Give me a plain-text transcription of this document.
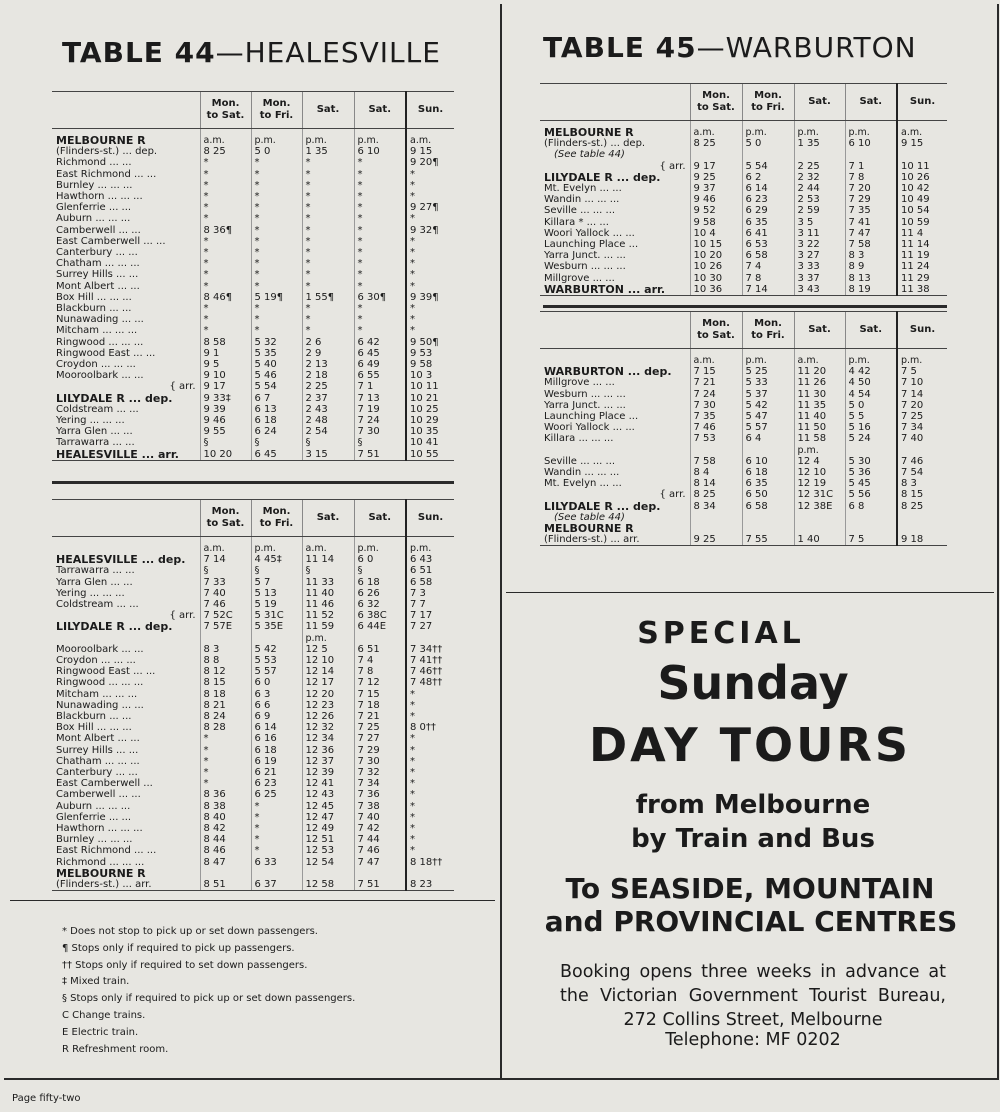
TABLE 44—HEALESVILLE	TABLE 45—WARBURTON
	Mon.
to Sat.	Mon.
to Fri.	Sat.	Sat.	Sun.

MELBOURNE R	a.m.	p.m.	p.m.	p.m.	a.m.
(Flinders-st.) ... dep.	8 25	5 0	1 35	6 10	9 15
Richmond ... ...	*	*	*	*	9 20¶
East Richmond ... ...	*	*	*	*	*
Burnley ... ... ...	*	*	*	*	*
Hawthorn ... ... ...	*	*	*	*	*
Glenferrie ... ...	*	*	*	*	9 27¶
Auburn ... ... ...	*	*	*	*	*
Camberwell ... ...	8 36¶	*	*	*	9 32¶
East Camberwell ... ...	*	*	*	*	*
Canterbury ... ...	*	*	*	*	*
Chatham ... ... ...	*	*	*	*	*
Surrey Hills ... ...	*	*	*	*	*
Mont Albert ... ...	*	*	*	*	*
Box Hill ... ... ...	8 46¶	5 19¶	1 55¶	6 30¶	9 39¶
Blackburn ... ...	*	*	*	*	*
Nunawading ... ...	*	*	*	*	*
Mitcham ... ... ...	*	*	*	*	*
Ringwood ... ... ...	8 58	5 32	2 6	6 42	9 50¶
Ringwood East ... ...	9 1	5 35	2 9	6 45	9 53
Croydon ... ... ...	9 5	5 40	2 13	6 49	9 58
Mooroolbark ... ...	9 10	5 46	2 18	6 55	10 3
{ arr.	9 17	5 54	2 25	7 1	10 11
LILYDALE R ... dep.	9 33‡	6 7	2 37	7 13	10 21
Coldstream ... ...	9 39	6 13	2 43	7 19	10 25
Yering ... ... ...	9 46	6 18	2 48	7 24	10 29
Yarra Glen ... ...	9 55	6 24	2 54	7 30	10 35
Tarrawarra ... ...	§	§	§	§	10 41
HEALESVILLE ... arr.	10 20	6 45	3 15	7 51	10 55
	Mon.
to Sat.	Mon.
to Fri.	Sat.	Sat.	Sun.

	a.m.	p.m.	a.m.	p.m.	p.m.
HEALESVILLE ... dep.	7 14	4 45‡	11 14	6 0	6 43
Tarrawarra ... ...	§	§	§	§	6 51
Yarra Glen ... ...	7 33	5 7	11 33	6 18	6 58
Yering ... ... ...	7 40	5 13	11 40	6 26	7 3
Coldstream ... ...	7 46	5 19	11 46	6 32	7 7
{ arr.	7 52C	5 31C	11 52	6 38C	7 17
LILYDALE R ... dep.	7 57E	5 35E	11 59	6 44E	7 27
			p.m.		
Mooroolbark ... ...	8 3	5 42	12 5	6 51	7 34††
Croydon ... ... ...	8 8	5 53	12 10	7 4	7 41††
Ringwood East ... ...	8 12	5 57	12 14	7 8	7 46††
Ringwood ... ... ...	8 15	6 0	12 17	7 12	7 48††
Mitcham ... ... ...	8 18	6 3	12 20	7 15	*
Nunawading ... ...	8 21	6 6	12 23	7 18	*
Blackburn ... ...	8 24	6 9	12 26	7 21	*
Box Hill ... ... ...	8 28	6 14	12 32	7 25	8 0††
Mont Albert ... ...	*	6 16	12 34	7 27	*
Surrey Hills ... ...	*	6 18	12 36	7 29	*
Chatham ... ... ...	*	6 19	12 37	7 30	*
Canterbury ... ...	*	6 21	12 39	7 32	*
East Camberwell ...	*	6 23	12 41	7 34	*
Camberwell ... ...	8 36	6 25	12 43	7 36	*
Auburn ... ... ...	8 38	*	12 45	7 38	*
Glenferrie ... ...	8 40	*	12 47	7 40	*
Hawthorn ... ... ...	8 42	*	12 49	7 42	*
Burnley ... ... ...	8 44	*	12 51	7 44	*
East Richmond ... ...	8 46	*	12 53	7 46	*
Richmond ... ... ...	8 47	6 33	12 54	7 47	8 18††
MELBOURNE R					
(Flinders-st.) ... arr.	8 51	6 37	12 58	7 51	8 23
	Mon.
to Sat.	Mon.
to Fri.	Sat.	Sat.	Sun.

MELBOURNE R	a.m.	p.m.	p.m.	p.m.	a.m.
(Flinders-st.) ... dep.	8 25	5 0	1 35	6 10	9 15
(See table 44)					
{ arr.	9 17	5 54	2 25	7 1	10 11
LILYDALE R ... dep.	9 25	6 2	2 32	7 8	10 26
Mt. Evelyn ... ...	9 37	6 14	2 44	7 20	10 42
Wandin ... ... ...	9 46	6 23	2 53	7 29	10 49
Seville ... ... ...	9 52	6 29	2 59	7 35	10 54
Killara * ... ...	9 58	6 35	3 5	7 41	10 59
Woori Yallock ... ...	10 4	6 41	3 11	7 47	11 4
Launching Place ...	10 15	6 53	3 22	7 58	11 14
Yarra Junct. ... ...	10 20	6 58	3 27	8 3	11 19
Wesburn ... ... ...	10 26	7 4	3 33	8 9	11 24
Millgrove ... ...	10 30	7 8	3 37	8 13	11 29
WARBURTON ... arr.	10 36	7 14	3 43	8 19	11 38
	Mon.
to Sat.	Mon.
to Fri.	Sat.	Sat.	Sun.

	a.m.	p.m.	a.m.	p.m.	p.m.
WARBURTON ... dep.	7 15	5 25	11 20	4 42	7 5
Millgrove ... ...	7 21	5 33	11 26	4 50	7 10
Wesburn ... ... ...	7 24	5 37	11 30	4 54	7 14
Yarra Junct. ... ...	7 30	5 42	11 35	5 0	7 20
Launching Place ...	7 35	5 47	11 40	5 5	7 25
Woori Yallock ... ...	7 46	5 57	11 50	5 16	7 34
Killara ... ... ...	7 53	6 4	11 58	5 24	7 40
			p.m.		
Seville ... ... ...	7 58	6 10	12 4	5 30	7 46
Wandin ... ... ...	8 4	6 18	12 10	5 36	7 54
Mt. Evelyn ... ...	8 14	6 35	12 19	5 45	8 3
{ arr.	8 25	6 50	12 31C	5 56	8 15
LILYDALE R ... dep.	8 34	6 58	12 38E	6 8	8 25
(See table 44)					
MELBOURNE R					
(Flinders-st.) ... arr.	9 25	7 55	1 40	7 5	9 18
* Does not stop to pick up or set down passengers.
¶ Stops only if required to pick up passengers.
†† Stops only if required to set down passengers.
‡ Mixed train.
§ Stops only if required to pick up or set down passengers.
C Change trains.
E Electric train.
R Refreshment room.
SPECIAL
Sunday
DAY TOURS
from Melbourne
by Train and Bus
To SEASIDE, MOUNTAIN
and PROVINCIAL CENTRES
Booking opens three weeks in advance at the Victorian Government Tourist Bureau, 272 Collins Street, Melbourne
Telephone: MF 0202
Page fifty-two
